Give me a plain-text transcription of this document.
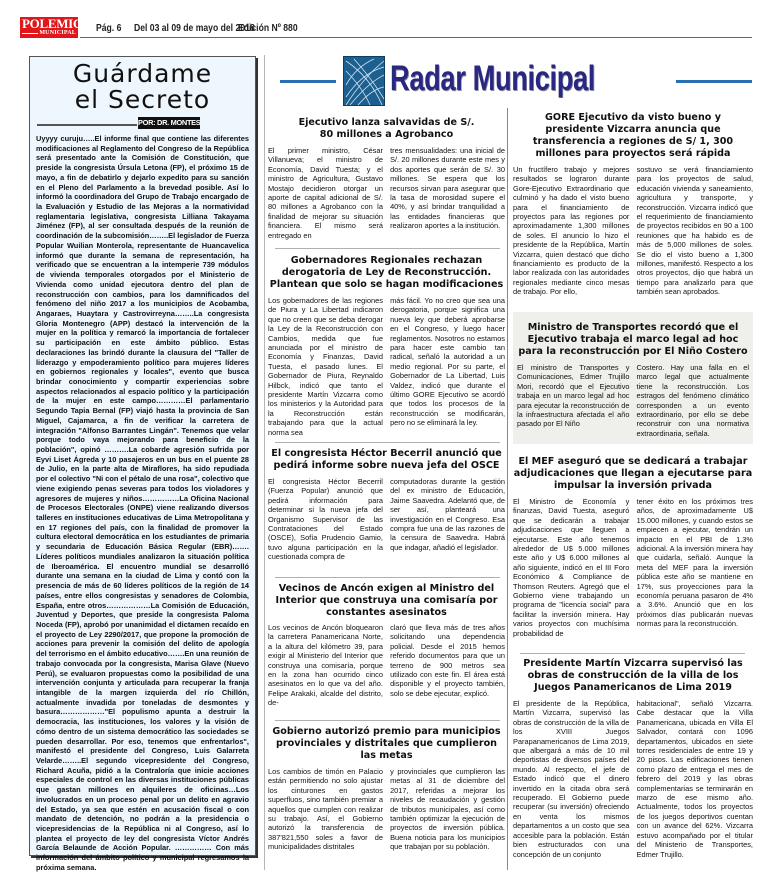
POLEMICA
MUNICIPAL Pág. 6 Del 03 al 09 de mayo del 2018
Edición Nº 880
Guárdame
el Secreto
POR: DR. MONTES
Uyyyy curuju…..El informe final que contiene las diferentes modificaciones al Reglamento del Congreso de la República será presentado ante la Comisión de Constitución, que preside la congresista Úrsula Letona (FP), el próximo 15 de mayo, a fin de debatirlo y dejarlo expedito para su sanción en el Pleno del Parlamento a la brevedad posible. Así lo informó la coordinadora del Grupo de Trabajo encargado de la Evaluación y Estudio de las Mejoras a la normatividad reglamentaria legislativa, congresista Lilliana Takayama Jiménez (FP), al ser consultada después de la reunión de coordinación de la subcomisión……..El legislador de Fuerza Popular Wuilian Monterola, representante de Huancavelica informó que durante la semana de representación, ha verificado que se encuentran a la intemperie 739 módulos de vivienda temporales otorgados por el Ministerio de Vivienda como unidad ejecutora dentro del plan de reconstrucción con cambios, para los damnificados del fenómeno del niño 2017 a los municipios de Acobamba, Angaraes, Huaytara y Castrovirreyna……..La congresista Gloria Montenegro (APP) destacó la intervención de la mujer en la política y remarcó la importancia de fortalecer su participación en este ámbito público. Estas declaraciones las brindó durante la clausura del "Taller de liderazgo y empoderamiento político para mujeres líderes en gobiernos regionales y locales", evento que busca brindar conocimiento y compartir experiencias sobre aspectos relacionados al espacio político y la participación de la mujer en este campo…………El parlamentario Segundo Tapia Bernal (FP) viajó hasta la provincia de San Miguel, Cajamarca, a fin de verificar la carretera de integración "Alfonso Barrantes Lingán". Tenemos que velar porque todo vaya mejorando para beneficio de la población", opinó ……….La cobarde agresión sufrida por Eyvi Liset Ágreda y 10 pasajeros en un bus en el puente 28 de Julio, en la parte alta de Miraflores, ha sido repudiada por el colectivo "Ni con el pétalo de una rosa", colectivo que viene exigiendo penas severas para todos los violadores y agresores de mujeres y niños……………La Oficina Nacional de Procesos Electorales (ONPE) viene realizando diversos talleres en instituciones educativas de Lima Metropolitana y en 17 regiones del país, con la finalidad de promover la cultura electoral democrática en los estudiantes de primaria y secundaria de Educación Básica Regular (EBR)……. Líderes políticos mundiales analizaron la situación política de Iberoamérica. El encuentro mundial se desarrolló durante una semana en la ciudad de Lima y contó con la presencia de más de 60 líderes políticos de la región de 14 países, entre ellos congresistas y senadores de Colombia, España, entre otros………………La Comisión de Educación, Juventud y Deportes, que preside la congresista Paloma Noceda (FP), aprobó por unanimidad el dictamen recaído en el proyecto de Ley 2290/2017, que propone la promoción de acciones para prevenir la comisión del delito de apología del terrorismo en el ámbito educativo…….En una reunión de trabajo convocada por la congresista, Marisa Glave (Nuevo Perú), se evaluaron propuestas como la posibilidad de una intervención conjunta y articulada para recuperar la franja intangible de la margen izquierda del río Chillón, actualmente invadida por toneladas de desmontes y basura………………"El populismo apunta a destruir la democracia, las instituciones, los valores y la visión de cómo dentro de un sistema democrático las sociedades se pueden desarrollar. Por eso, tenemos que enfrentarlos", manifestó el presidente del Congreso, Luis Galarreta Velarde……..El segundo vicepresidente del Congreso, Richard Acuña, pidió a la Contraloría que inicie acciones especiales de control en las diversas instituciones públicas que gastan millones en alquileres de oficinas…Los involucrados en un proceso penal por un delito en agravio del Estado, ya sea que estén en acusación fiscal o con mandato de detención, no podrán a la presidencia o vicepresidencias de la República ni al Congreso, así lo plantea el proyecto de ley del congresista Víctor Andrés García Belaunde de Acción Popular. …………… Con más información del ámbito político y municipal regresamos la próxima semana.
Radar Municipal
Ejecutivo lanza salvavidas de S/. 80 millones a Agrobanco
El primer ministro, César Villanueva; el ministro de Economía, David Tuesta; y el ministro de Agricultura, Gustavo Mostajo decidieron otorgar un aporte de capital adicional de S/. 80 millones a Agrobanco con la finalidad de mejorar su situación financiera. El mismo será entregado en
tres mensualidades: una inicial de S/. 20 millones durante este mes y dos aportes que serán de S/. 30 millones. Se espera que los recursos sirvan para asegurar que la tasa de morosidad supere el 40%, y así brindar tranquilidad a las entidades financieras que realizaron aportes a la institución.
Gobernadores Regionales rechazan derogatoria de Ley de Reconstrucción. Plantean que solo se hagan modificaciones
Los gobernadores de las regiones de Piura y La Libertad indicaron que no creen que se deba derogar la Ley de la Reconstrucción con Cambios, medida que fue anunciada por el ministro de Economía y Finanzas, David Tuesta, el pasado lunes. El Gobernador de Piura, Reynaldo Hilbck, indicó que tanto el presidente Martín Vizcarra como los ministerios y la Autoridad para la Reconstrucción están trabajando para que la actual norma sea
más fácil. Yo no creo que sea una derogatoria, porque significa una nueva ley que deberá aprobarse en el Congreso, y luego hacer reglamentos. Nosotros no estamos para hacer este cambio tan radical, señaló la autoridad a un medio regional. Por su parte, el Gobernador de La Libertad, Luis Valdez, indicó que durante el último GORE Ejecutivo se acordó que todos los procesos de la reconstrucción se modificarán, pero no se eliminará la ley.
El congresista Héctor Becerril anunció que pedirá informe sobre nueva jefa del OSCE
El congresista Héctor Becerril (Fuerza Popular) anunció que pedirá información para determinar si la nueva jefa del Organismo Supervisor de las Contrataciones del Estado (OSCE), Sofía Prudencio Gamio, tuvo alguna participación en la cuestionada compra de
computadoras durante la gestión del ex ministro de Educación, Jaime Saavedra. Adelantó que, de ser así, planteará una investigación en el Congreso. Esa compra fue una de las razones de la censura de Saavedra. Habrá que indagar, añadió el legislador.
Vecinos de Ancón exigen al Ministro del Interior que construya una comisaría por constantes asesinatos
Los vecinos de Ancón bloquearon la carretera Panamericana Norte, a la altura del kilómetro 39, para exigir al Ministerio del Interior que construya una comisaría, porque en la zona han ocurrido cinco asesinatos en lo que va del año. Felipe Arakaki, alcalde del distrito, de-
claró que lleva más de tres años solicitando una dependencia policial. Desde el 2015 hemos referido documentos para que un terreno de 900 metros sea utilizado con este fin. El área está disponible y el proyecto también, solo se debe ejecutar, explicó.
Gobierno autorizó premio para municipios provinciales y distritales que cumplieron las metas
Los cambios de timón en Palacio están permitiendo no solo ajustar los cinturones en gastos superfluos, sino también premiar a aquellos que cumplen con realizar su trabajo. Así, el Gobierno autorizó la transferencia de 387'821,550 soles a favor de municipalidades distritales
y provinciales que cumplieron las metas al 31 de diciembre del 2017, referidas a mejorar los niveles de recaudación y gestión de tributos municipales, así como también optimizar la ejecución de proyectos de inversión pública. Buena noticia para los municipios que trabajan por su población.
GORE Ejecutivo da visto bueno y presidente Vizcarra anuncia que transferencia a regiones de S/ 1, 300 millones para proyectos será rápida
Un fructífero trabajo y mejores resultados se lograron durante Gore-Ejecutivo Extraordinario que culminó y ha dado el visto bueno para el financiamiento de proyectos para las regiones por aproximadamente 1,300 millones de soles. El anuncio lo hizo el presidente de la República, Martín Vizcarra, quien destacó que dicho financiamiento es producto de la labor realizada con las autoridades regionales mediante cinco mesas de trabajo. Por ello,
sostuvo se verá financiamiento para los proyectos de salud, educación vivienda y saneamiento, agricultura y transporte, y reconstrucción. Vizcarra indicó que el requerimiento de financiamiento de proyectos recibidos en 90 a 100 reuniones que ha habido es de más de 5,000 millones de soles. Se dio el visto bueno a 1,300 millones, manifestó. Respecto a los otros proyectos, dijo que habrá un tiempo para analizarlo para que también sean aprobados.
Ministro de Transportes recordó que el Ejecutivo trabaja el marco legal ad hoc para la reconstrucción por El Niño Costero
El ministro de Transportes y Comunicaciones, Edmer Trujillo Mori, recordó que el Ejecutivo trabaja en un marco legal ad hoc para ejecutar la reconstrucción de la infraestructura afectada el año pasado por El Niño
Costero. Hay una falla en el marco legal que actualmente tiene la reconstrucción. Los estragos del fenómeno climático corresponden a un evento extraordinario, por ello se debe reconstruir con una normativa extraordinaria, señala.
El MEF aseguró que se dedicará a trabajar adjudicaciones que llegan a ejecutarse para impulsar la inversión privada
El Ministro de Economía y finanzas, David Tuesta, aseguró que se dedicarán a trabajar adjudicaciones que lleguen a ejecutarse. Este año tenemos alrededor de U$ 5.000 millones este año y U$ 6.000 millones al año siguiente, indicó en el III Foro Económico & Compliance de Thomson Reuters. Agregó que el Gobierno viene trabajando un programa de "licencia social" para facilitar la inversión minera. Hay varios proyectos con muchísima probabilidad de
tener éxito en los próximos tres años, de aproximadamente U$ 15.000 millones, y cuando estos se empiecen a ejecutar, tendrán un impacto en el PBI de 1.3% adicional. A la inversión minera hay que cuidarla, señaló. Aunque la meta del MEF para la inversión pública este año se mantiene en 17%, sus proyecciones para la economía peruana pasaron de 4% a 3.6%. Anunció que en los próximos días publicarán nuevas normas para la reconstrucción.
Presidente Martín Vizcarra supervisó las obras de construcción de la villa de los Juegos Panamericanos de Lima 2019
El presidente de la República, Martín Vizcarra, supervisó las obras de construcción de la villa de los XVIII Juegos Parapanamericanos de Lima 2019, que albergará a más de 10 mil deportistas de diversos países del mundo. Al respecto, el jefe de Estado indicó que el dinero invertido en la citada obra será recuperado. El Gobierno puede recuperar (su inversión) ofreciendo en venta los mismos departamentos a un costo que sea accesible para la población. Están bien estructurados con una concepción de un conjunto
habitacional", señaló Vizcarra. Cabe destacar que la Villa Panamericana, ubicada en Villa El Salvador, contará con 1096 departamentos, ubicados en siete torres residenciales de entre 19 y 20 pisos. Las edificaciones tienen como plazo de entrega el mes de febrero del 2019 y las obras complementarias se terminarán en marzo de ese mismo año. Actualmente, todos los proyectos de los juegos deportivos cuentan con un avance del 62%. Vizcarra estuvo acompañado por el titular del Ministerio de Transportes, Edmer Trujillo.
